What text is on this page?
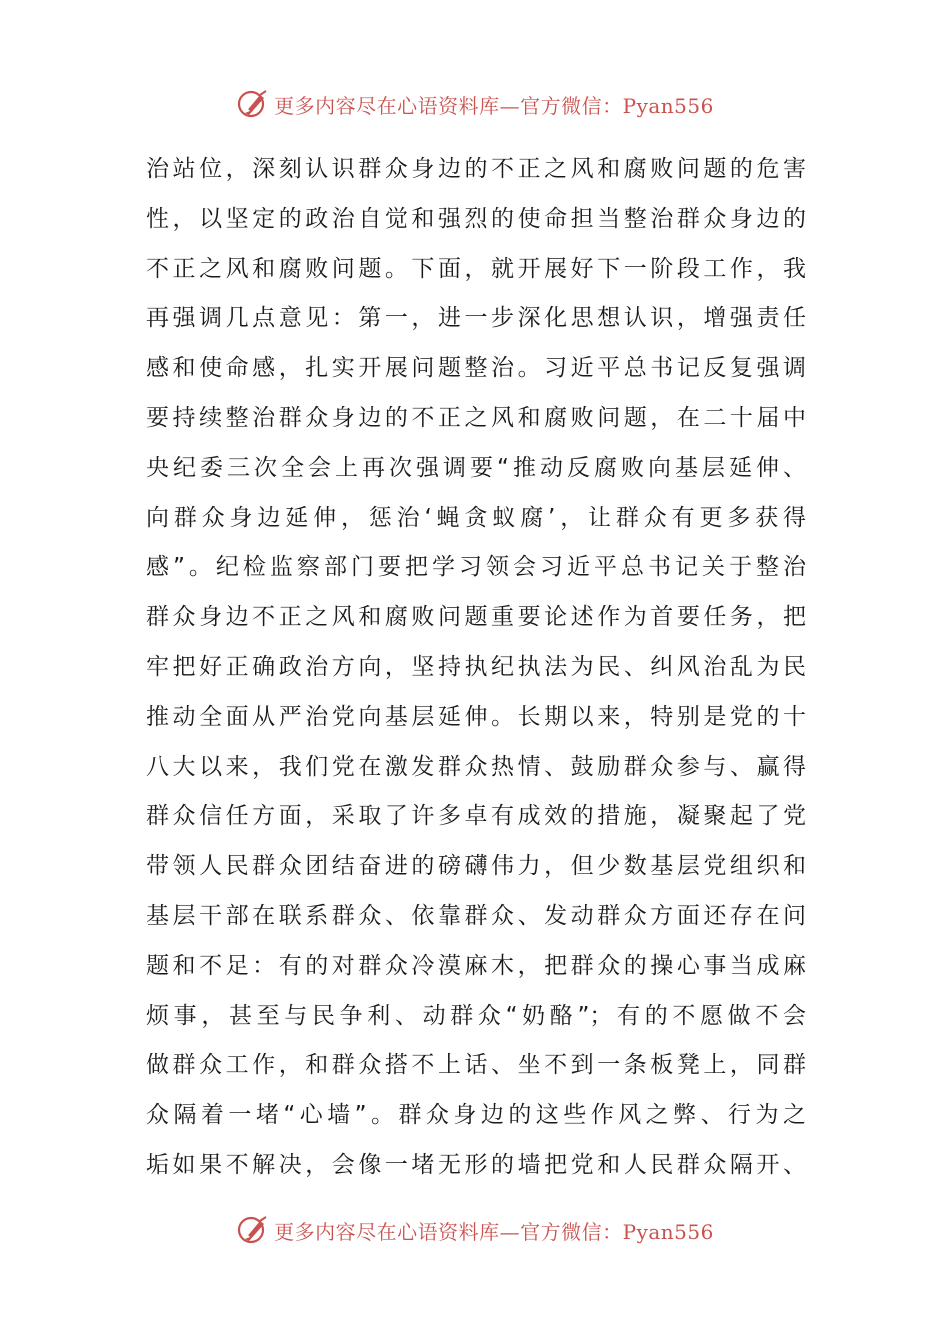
更多内容尽在心语资料库—官方微信：Pyan556
治站位，深刻认识群众身边的不正之风和腐败问题的危害
性，以坚定的政治自觉和强烈的使命担当整治群众身边的
不正之风和腐败问题。下面，就开展好下一阶段工作，我
再强调几点意见：第一，进一步深化思想认识，增强责任
感和使命感，扎实开展问题整治。习近平总书记反复强调
要持续整治群众身边的不正之风和腐败问题，在二十届中
央纪委三次全会上再次强调要“推动反腐败向基层延伸、
向群众身边延伸，惩治‘蝇贪蚁腐’，让群众有更多获得
感”。纪检监察部门要把学习领会习近平总书记关于整治
群众身边不正之风和腐败问题重要论述作为首要任务，把
牢把好正确政治方向，坚持执纪执法为民、纠风治乱为民
推动全面从严治党向基层延伸。长期以来，特别是党的十
八大以来，我们党在激发群众热情、鼓励群众参与、赢得
群众信任方面，采取了许多卓有成效的措施，凝聚起了党
带领人民群众团结奋进的磅礴伟力，但少数基层党组织和
基层干部在联系群众、依靠群众、发动群众方面还存在问
题和不足：有的对群众冷漠麻木，把群众的操心事当成麻
烦事，甚至与民争利、动群众“奶酪”；有的不愿做不会
做群众工作，和群众搭不上话、坐不到一条板凳上，同群
众隔着一堵“心墙”。群众身边的这些作风之弊、行为之
垢如果不解决，会像一堵无形的墙把党和人民群众隔开、
更多内容尽在心语资料库—官方微信：Pyan556
